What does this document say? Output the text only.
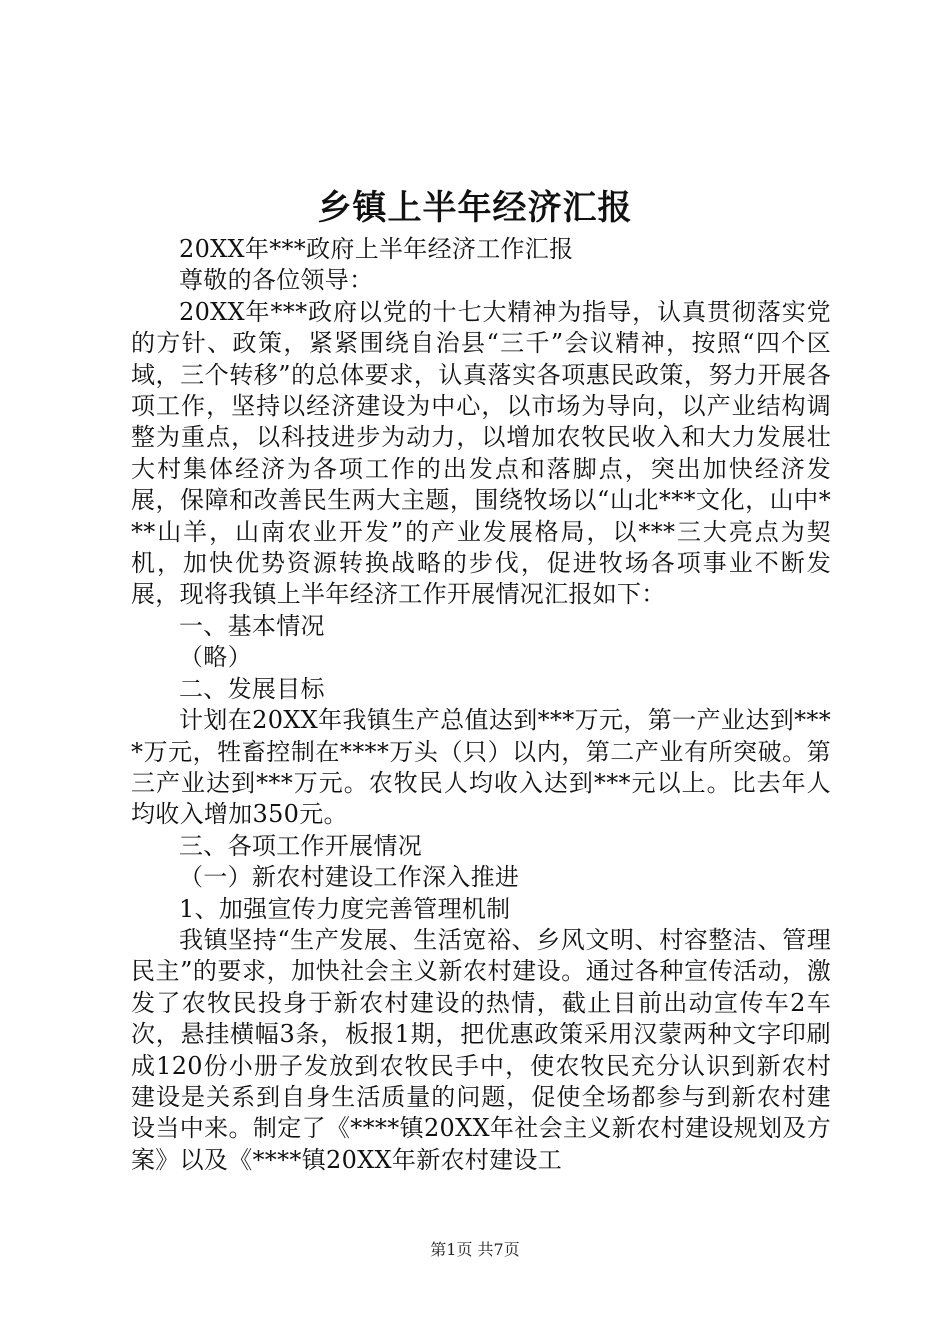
乡镇上半年经济汇报

20XX年***政府上半年经济工作汇报

尊敬的各位领导：

20XX年***政府以党的十七大精神为指导，认真贯彻落实党的方针、政策，紧紧围绕自治县“三千”会议精神，按照“四个区域，三个转移”的总体要求，认真落实各项惠民政策，努力开展各项工作，坚持以经济建设为中心，以市场为导向，以产业结构调整为重点，以科技进步为动力，以增加农牧民收入和大力发展壮大村集体经济为各项工作的出发点和落脚点，突出加快经济发展，保障和改善民生两大主题，围绕牧场以“山北***文化，山中***山羊，山南农业开发”的产业发展格局，以***三大亮点为契机，加快优势资源转换战略的步伐，促进牧场各项事业不断发展，现将我镇上半年经济工作开展情况汇报如下：

一、基本情况

（略）

二、发展目标

计划在20XX年我镇生产总值达到***万元，第一产业达到****万元，牲畜控制在****万头（只）以内，第二产业有所突破。第三产业达到***万元。农牧民人均收入达到***元以上。比去年人均收入增加350元。

三、各项工作开展情况

（一）新农村建设工作深入推进

1、加强宣传力度完善管理机制

我镇坚持“生产发展、生活宽裕、乡风文明、村容整洁、管理民主”的要求，加快社会主义新农村建设。通过各种宣传活动，激发了农牧民投身于新农村建设的热情，截止目前出动宣传车2车次，悬挂横幅3条，板报1期，把优惠政策采用汉蒙两种文字印刷成120份小册子发放到农牧民手中，使农牧民充分认识到新农村建设是关系到自身生活质量的问题，促使全场都参与到新农村建设当中来。制定了《****镇20XX年社会主义新农村建设规划及方案》以及《****镇20XX年新农村建设工

第1页 共7页
